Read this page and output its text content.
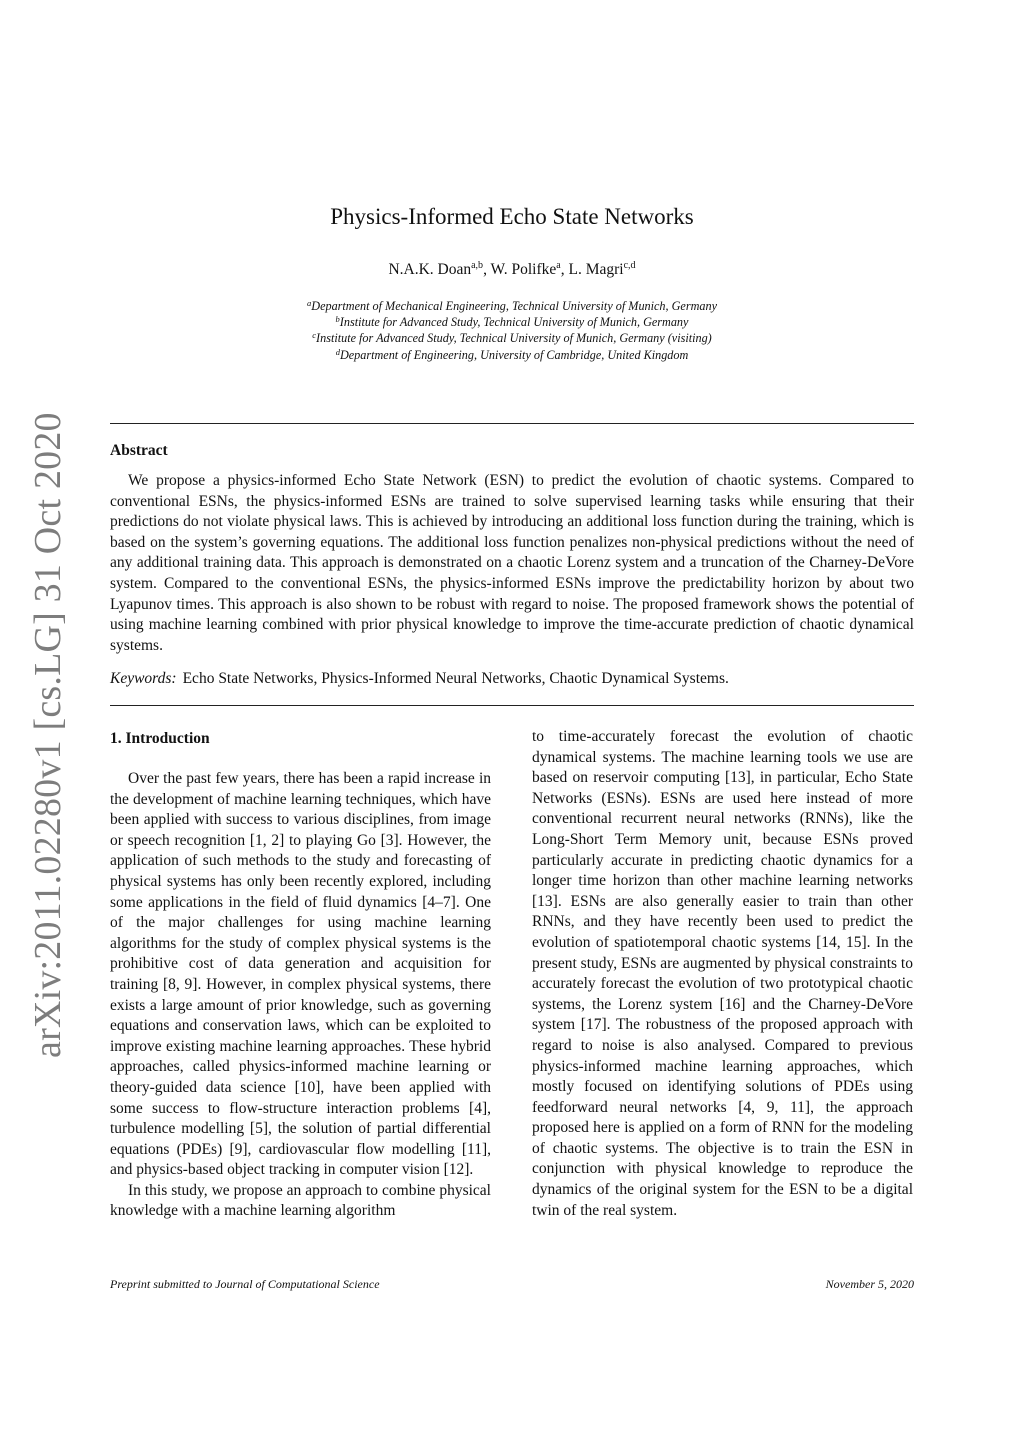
arXiv:2011.02280v1 [cs.LG] 31 Oct 2020
Physics-Informed Echo State Networks
N.A.K. Doan$^{a,b}$, W. Polifke$^a$, L. Magri$^{c,d}$
$^a$Department of Mechanical Engineering, Technical University of Munich, Germany
$^b$Institute for Advanced Study, Technical University of Munich, Germany
$^c$Institute for Advanced Study, Technical University of Munich, Germany (visiting)
$^d$Department of Engineering, University of Cambridge, United Kingdom
Abstract

We propose a physics-informed Echo State Network (ESN) to predict the evolution of chaotic systems. Compared to conventional ESNs, the physics-informed ESNs are trained to solve supervised learning tasks while ensuring that their predictions do not violate physical laws. This is achieved by introducing an additional loss function during the training, which is based on the system’s governing equations. The additional loss function penalizes non-physical predictions without the need of any additional training data. This approach is demonstrated on a chaotic Lorenz system and a truncation of the Charney-DeVore system. Compared to the conventional ESNs, the physics-informed ESNs improve the predictability horizon by about two Lyapunov times. This approach is also shown to be robust with regard to noise. The proposed framework shows the potential of using machine learning combined with prior physical knowledge to improve the time-accurate prediction of chaotic dynamical systems.

Keywords: Echo State Networks, Physics-Informed Neural Networks, Chaotic Dynamical Systems.
1. Introduction

Over the past few years, there has been a rapid increase in the development of machine learning techniques, which have been applied with success to various disciplines, from image or speech recognition [1, 2] to playing Go [3]. However, the application of such methods to the study and forecasting of physical systems has only been recently explored, including some applications in the field of fluid dynamics [4–7]. One of the major challenges for using machine learning algorithms for the study of complex physical systems is the prohibitive cost of data generation and acquisition for training [8, 9]. However, in complex physical systems, there exists a large amount of prior knowledge, such as governing equations and conservation laws, which can be exploited to improve existing machine learning approaches. These hybrid approaches, called physics-informed machine learning or theory-guided data science [10], have been applied with some success to flow-structure interaction problems [4], turbulence modelling [5], the solution of partial differential equations (PDEs) [9], cardiovascular flow modelling [11], and physics-based object tracking in computer vision [12].

In this study, we propose an approach to combine physical knowledge with a machine learning algorithm

to time-accurately forecast the evolution of chaotic dynamical systems. The machine learning tools we use are based on reservoir computing [13], in particular, Echo State Networks (ESNs). ESNs are used here instead of more conventional recurrent neural networks (RNNs), like the Long-Short Term Memory unit, because ESNs proved particularly accurate in predicting chaotic dynamics for a longer time horizon than other machine learning networks [13]. ESNs are also generally easier to train than other RNNs, and they have recently been used to predict the evolution of spatiotemporal chaotic systems [14, 15]. In the present study, ESNs are augmented by physical constraints to accurately forecast the evolution of two prototypical chaotic systems, the Lorenz system [16] and the Charney-DeVore system [17]. The robustness of the proposed approach with regard to noise is also analysed. Compared to previous physics-informed machine learning approaches, which mostly focused on identifying solutions of PDEs using feedforward neural networks [4, 9, 11], the approach proposed here is applied on a form of RNN for the modeling of chaotic systems. The objective is to train the ESN in conjunction with physical knowledge to reproduce the dynamics of the original system for the ESN to be a digital twin of the real system.

Preprint submitted to Journal of Computational Science	November 5, 2020
